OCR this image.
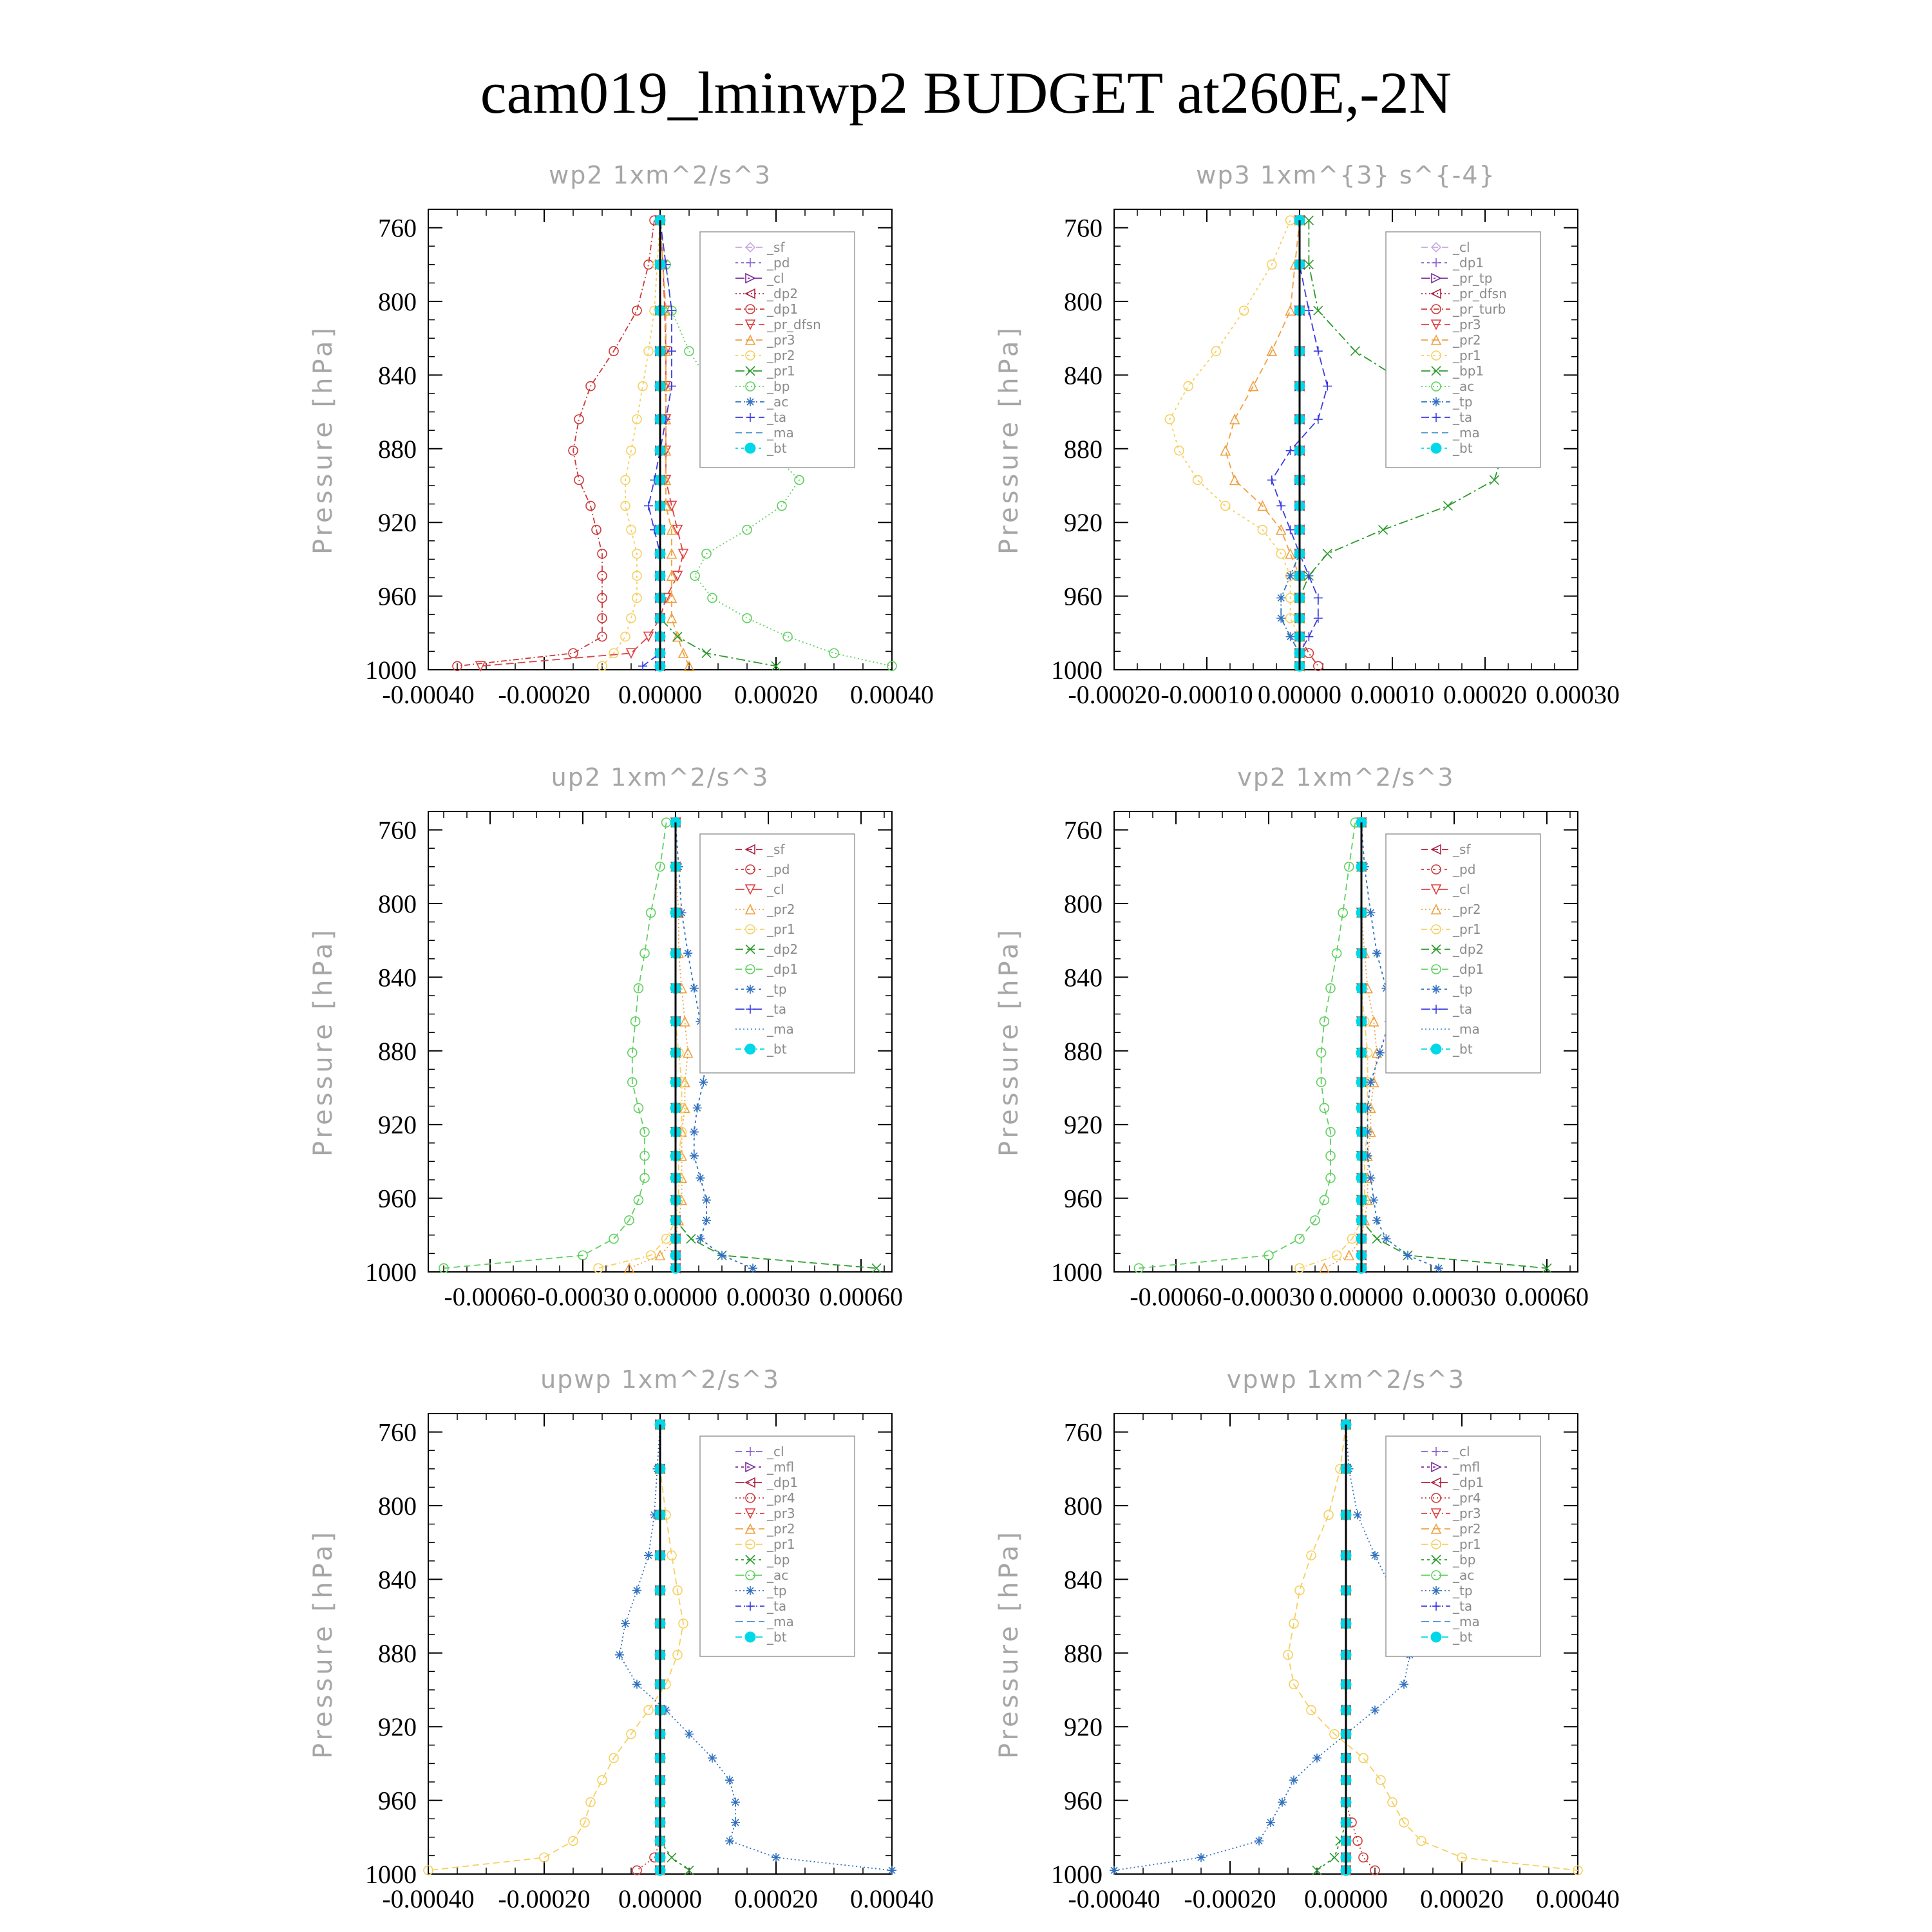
cam019_lminwp2 BUDGET at260E,-2N
wp2 1xm^2/s^3
Pressure [hPa]
-0.00040 -0.00020 0.00000 0.00020 0.00040
760
800
840
880
920
960
1000
_sf
_pd
_cl
_dp2
_dp1
_pr_dfsn
_pr3
_pr2
_pr1
_bp
_ac
_ta
_ma
_bt
wp3 1xm^{3} s^{-4}
Pressure [hPa]
-0.00020 -0.00010 0.00000 0.00010 0.00020 0.00030
760
800
840
880
920
960
1000
_cl
_dp1
_pr_tp
_pr_dfsn
_pr_turb
_pr3
_pr2
_pr1
_bp1
_ac
_tp
_ta
_ma
_bt
up2 1xm^2/s^3
Pressure [hPa]
-0.00060 -0.00030 0.00000 0.00030 0.00060
760
800
840
880
920
960
1000
_sf
_pd
_cl
_pr2
_pr1
_dp2
_dp1
_tp
_ta
_ma
_bt
vp2 1xm^2/s^3
Pressure [hPa]
-0.00060 -0.00030 0.00000 0.00030 0.00060
760
800
840
880
920
960
1000
_sf
_pd
_cl
_pr2
_pr1
_dp2
_dp1
_tp
_ta
_ma
_bt
upwp 1xm^2/s^3
Pressure [hPa]
-0.00040 -0.00020 0.00000 0.00020 0.00040
760
800
840
880
920
960
1000
_cl
_mfl
_dp1
_pr4
_pr3
_pr2
_pr1
_bp
_ac
_tp
_ta
_ma
_bt
vpwp 1xm^2/s^3
Pressure [hPa]
-0.00040 -0.00020 0.00000 0.00020 0.00040
760
800
840
880
920
960
1000
_cl
_mfl
_dp1
_pr4
_pr3
_pr2
_pr1
_bp
_ac
_tp
_ta
_ma
_bt
